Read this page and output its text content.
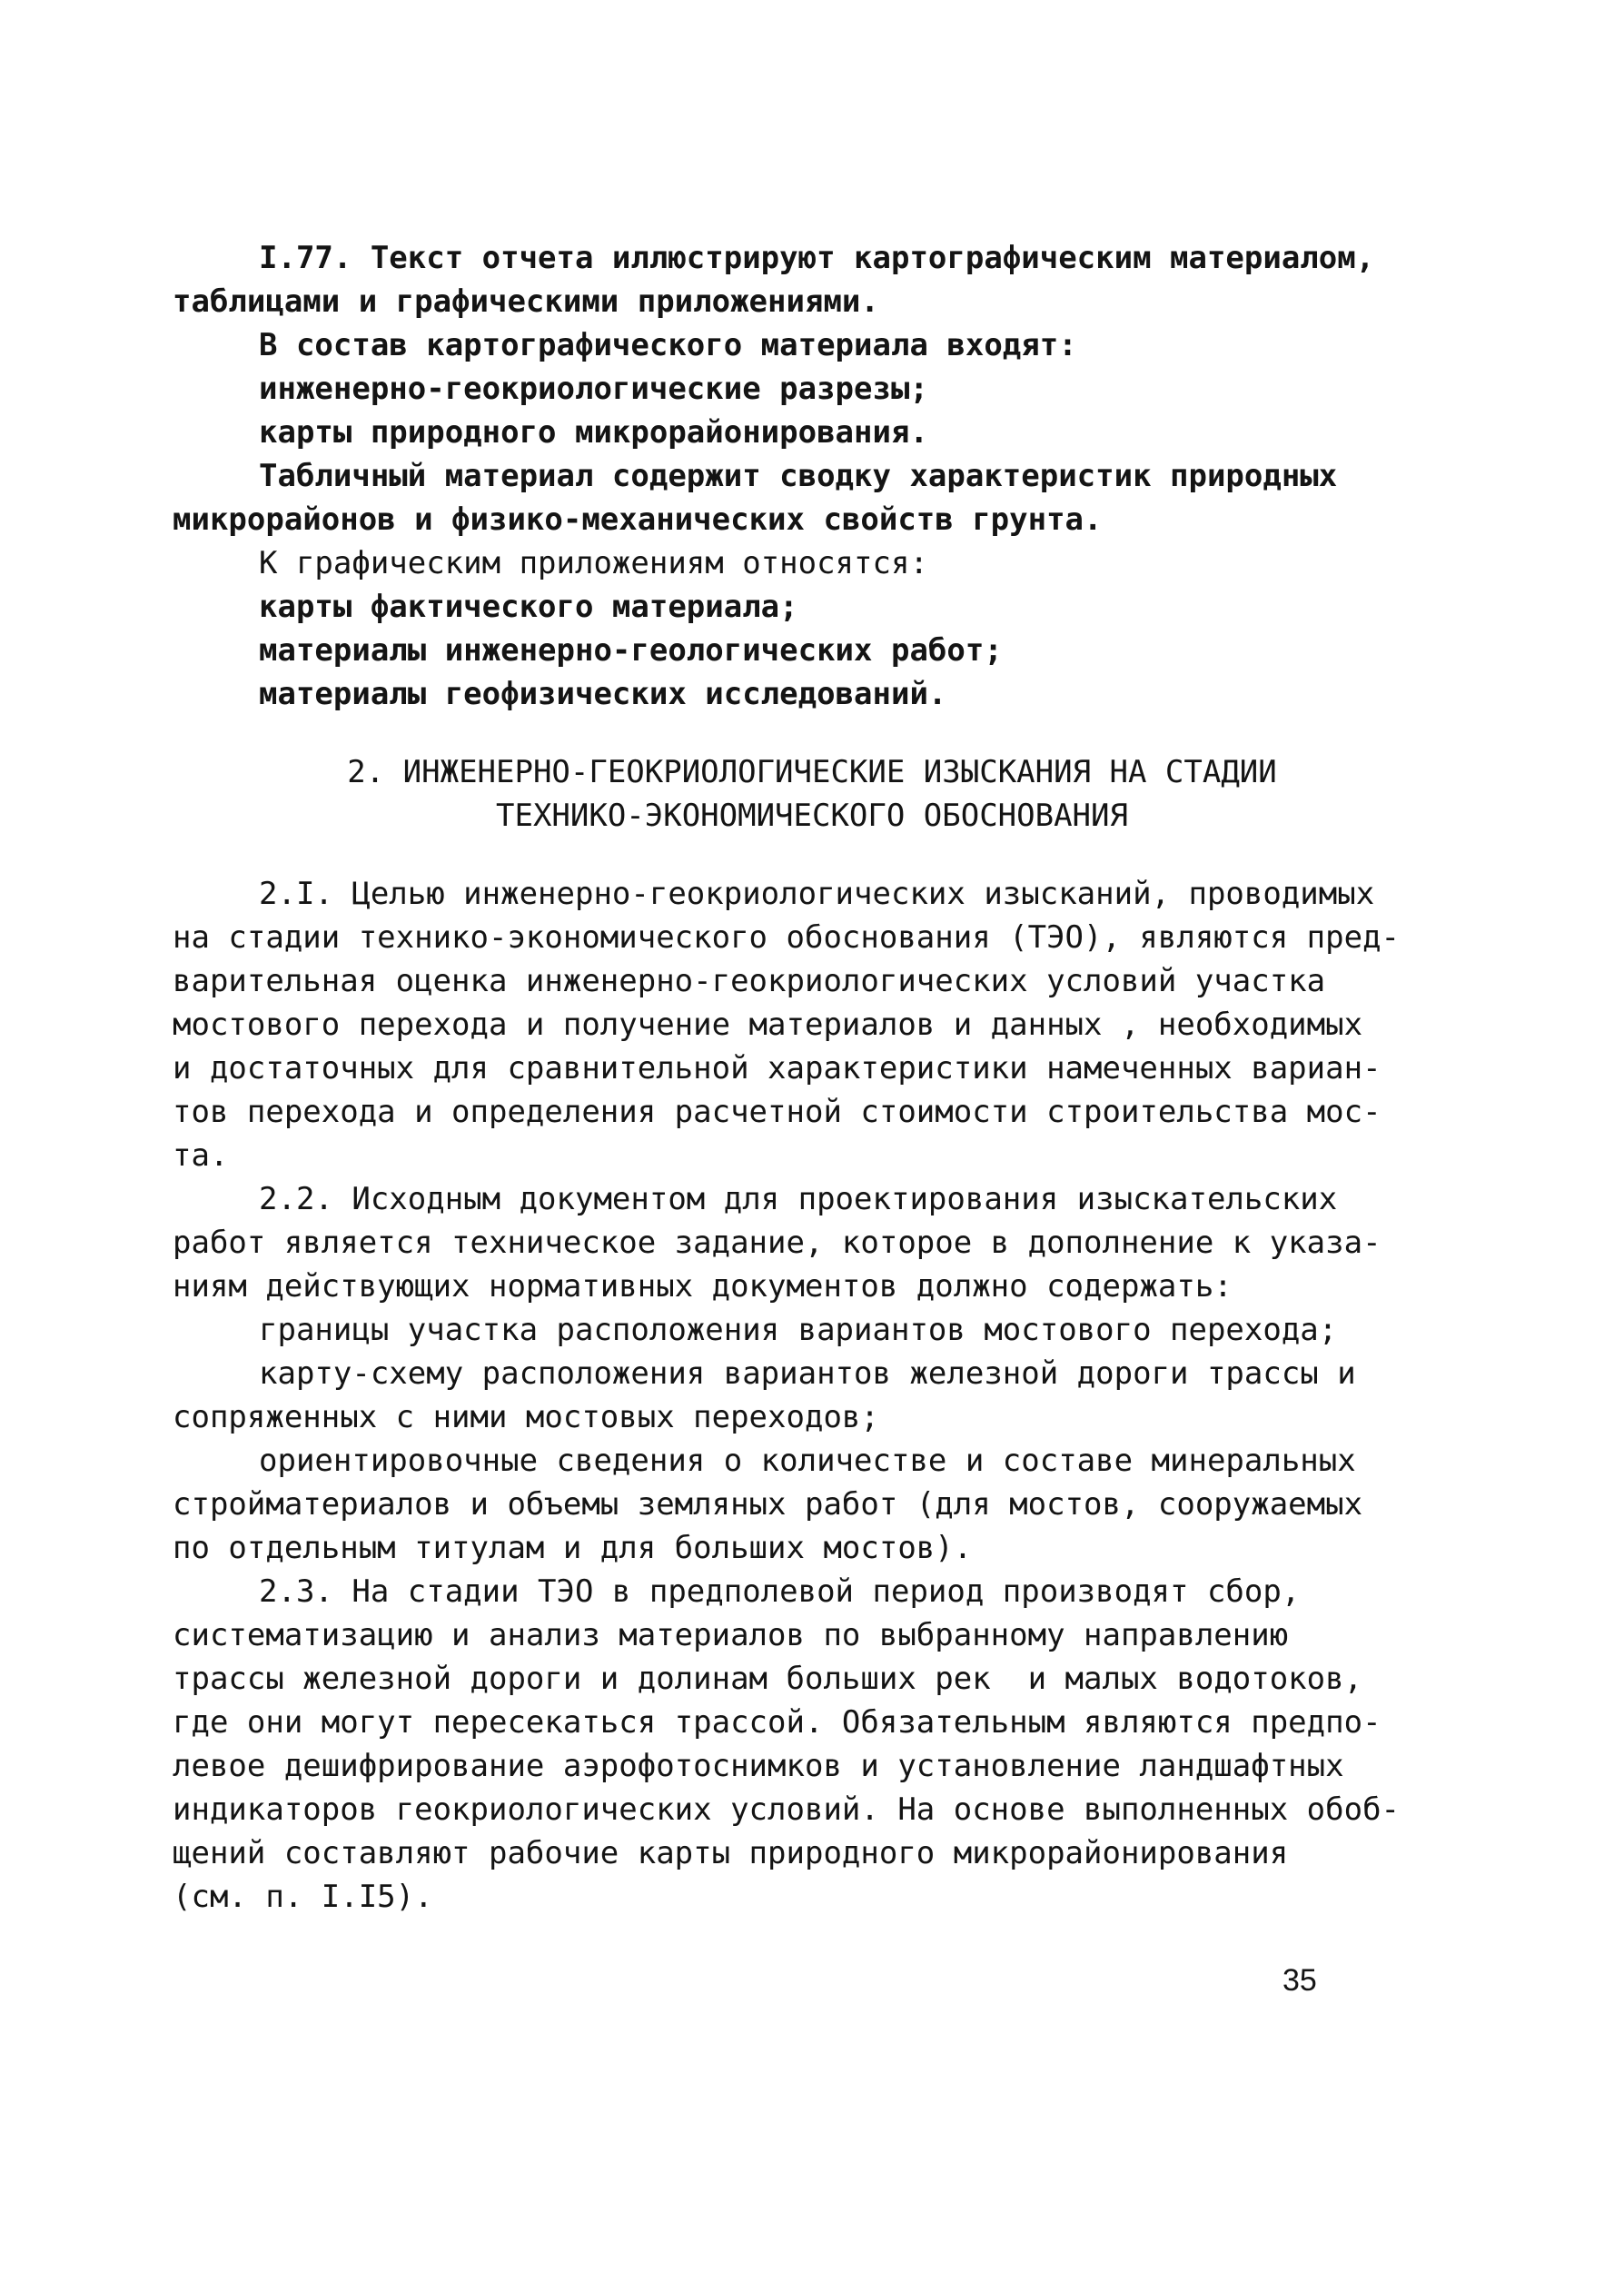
I.77. Текст отчета иллюстрируют картографическим материалом,
таблицами и графическими приложениями.
В состав картографического материала входят:
инженерно-геокриологические разрезы;
карты природного микрорайонирования.
Табличный материал содержит сводку характеристик природных
микрорайонов и физико-механических свойств грунта.
К графическим приложениям относятся:
карты фактического материала;
материалы инженерно-геологических работ;
материалы геофизических исследований.
2. ИНЖЕНЕРНО-ГЕОКРИОЛОГИЧЕСКИЕ ИЗЫСКАНИЯ НА СТАДИИ
ТЕХНИКО-ЭКОНОМИЧЕСКОГО ОБОСНОВАНИЯ
2.I. Целью инженерно-геокриологических изысканий, проводимых
на стадии технико-экономического обоснования (ТЭО), являются пред-
варительная оценка инженерно-геокриологических условий участка
мостового перехода и получение материалов и данных , необходимых
и достаточных для сравнительной характеристики намеченных вариан-
тов перехода и определения расчетной стоимости строительства мос-
та.
2.2. Исходным документом для проектирования изыскательских
работ является техническое задание, которое в дополнение к указа-
ниям действующих нормативных документов должно содержать:
границы участка расположения вариантов мостового перехода;
карту-схему расположения вариантов железной дороги трассы и
сопряженных с ними мостовых переходов;
ориентировочные сведения о количестве и составе минеральных
стройматериалов и объемы земляных работ (для мостов, сооружаемых
по отдельным титулам и для больших мостов).
2.3. На стадии ТЭО в предполевой период производят сбор,
систематизацию и анализ материалов по выбранному направлению
трассы железной дороги и долинам больших рек  и малых водотоков,
где они могут пересекаться трассой. Обязательным являются предпо-
левое дешифрирование аэрофотоснимков и установление ландшафтных
индикаторов геокриологических условий. На основе выполненных обоб-
щений составляют рабочие карты природного микрорайонирования
(см. п. I.I5).
35
